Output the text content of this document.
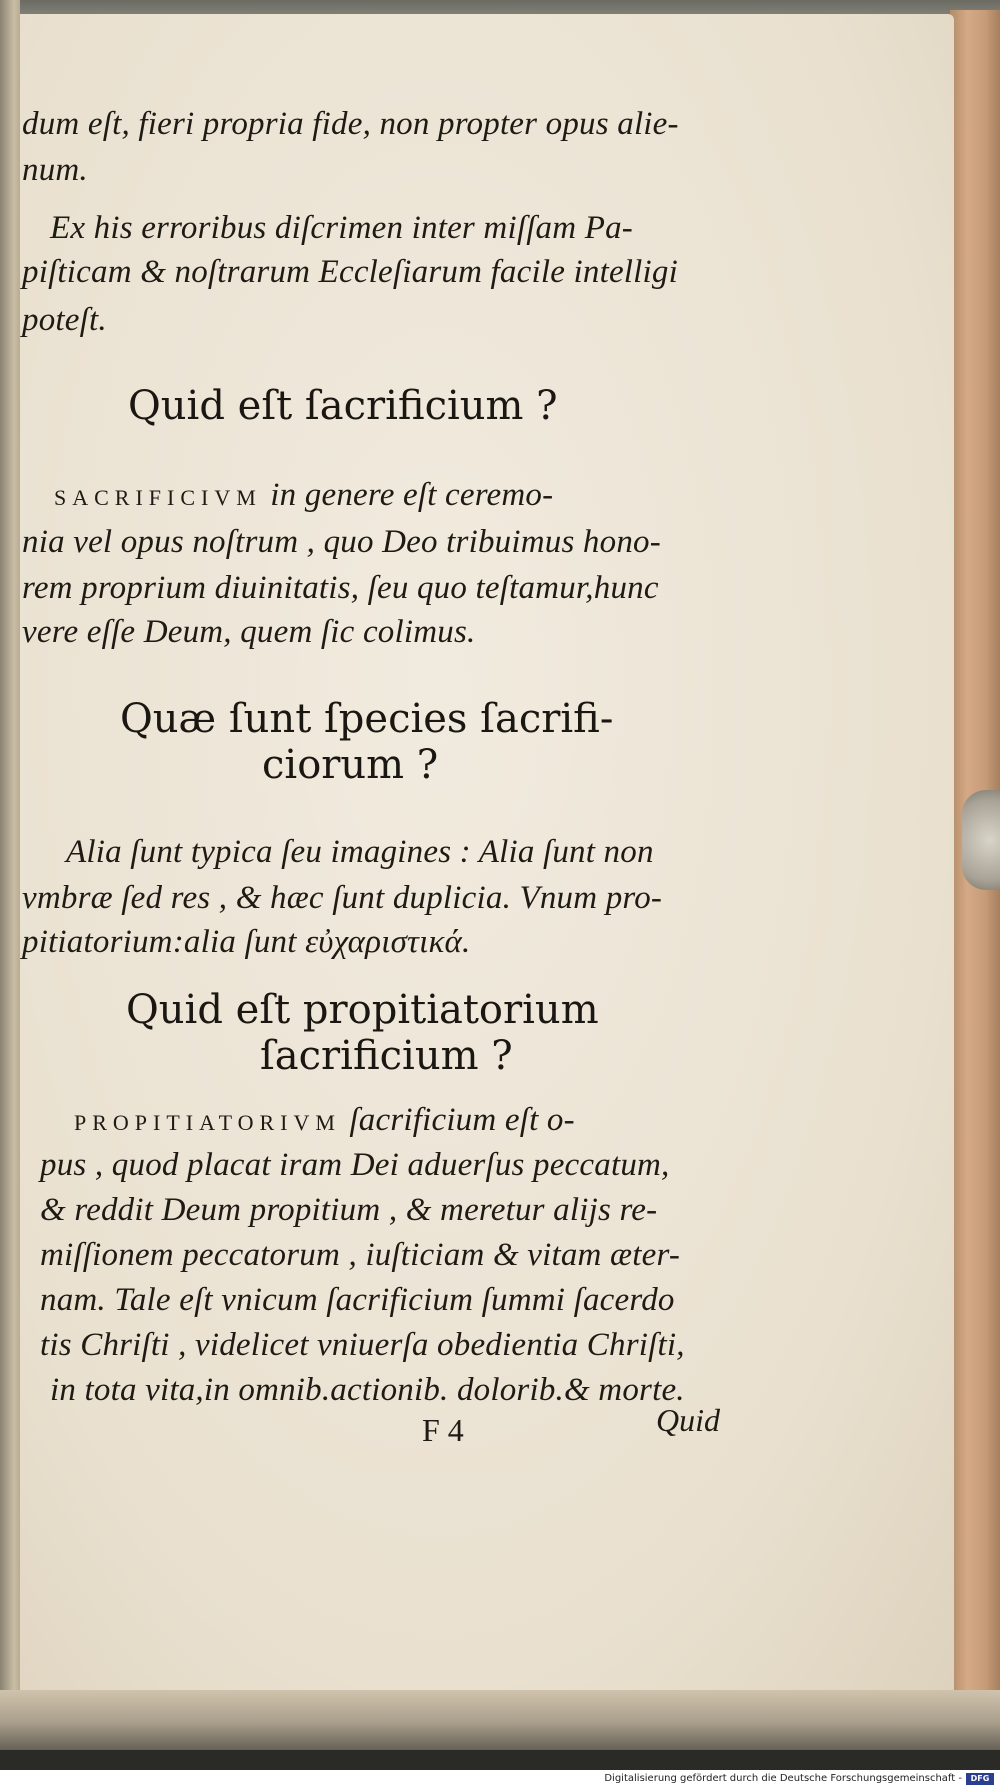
dum eſt, fieri propria fide, non propter opus alie-
num.
Ex his erroribus diſcrimen inter miſſam Pa-
piſticam & noſtrarum Eccleſiarum facile intelligi
poteſt.
Quid eſt ſacrificium ?
SACRIFICIVM in genere eſt ceremo-
nia vel opus noſtrum , quo Deo tribuimus hono-
rem proprium diuinitatis, ſeu quo teſtamur,hunc
vere eſſe Deum, quem ſic colimus.
Quæ ſunt ſpecies ſacrifi-
ciorum ?
Alia ſunt typica ſeu imagines : Alia ſunt non
vmbræ ſed res , & hæc ſunt duplicia. Vnum pro-
pitiatorium:alia ſunt εὐχαριστικά.
Quid eſt propitiatorium
ſacrificium ?
PROPITIATORIVM ſacrificium eſt o-
pus , quod placat iram Dei aduerſus peccatum,
& reddit Deum propitium , & meretur aliјs re-
miſſionem peccatorum , iuſticiam & vitam æter-
nam. Tale eſt vnicum ſacrificium ſummi ſacerdo
tis Chriſti , videlicet vniuerſa obedientia Chriſti,
in tota vita,in omnib.actionib. dolorib.& morte.
F 4	Quid
Digitalisierung gefördert durch die Deutsche Forschungsgemeinschaft -	DFG
